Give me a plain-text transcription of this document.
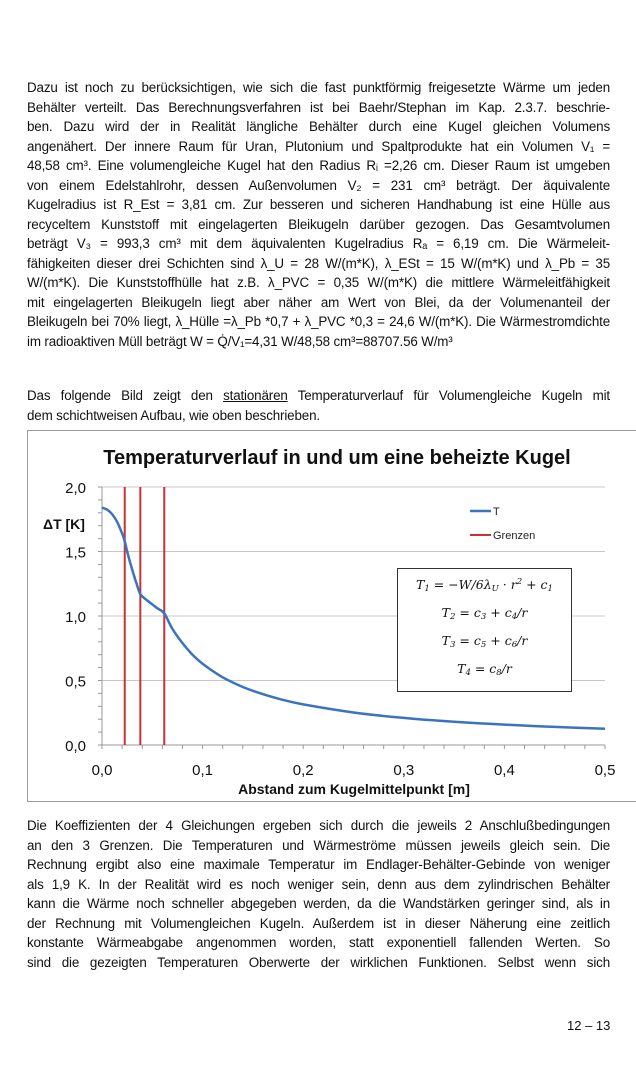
Dazu ist noch zu berücksichtigen, wie sich die fast punktförmig freigesetzte Wärme um jeden
Behälter verteilt. Das Berechnungsverfahren ist bei Baehr/Stephan im Kap. 2.3.7. beschrie-
ben. Dazu wird der in Realität längliche Behälter durch eine Kugel gleichen Volumens
angenähert. Der innere Raum für Uran, Plutonium und Spaltprodukte hat ein Volumen V₁ =
48,58 cm³. Eine volumengleiche Kugel hat den Radius Rᵢ =2,26 cm. Dieser Raum ist umgeben
von einem Edelstahlrohr, dessen Außenvolumen V₂ = 231 cm³ beträgt. Der äquivalente
Kugelradius ist R_Est = 3,81 cm. Zur besseren und sicheren Handhabung ist eine Hülle aus
recyceltem Kunststoff mit eingelagerten Bleikugeln darüber gezogen. Das Gesamtvolumen
beträgt V₃ = 993,3 cm³ mit dem äquivalenten Kugelradius Rₐ = 6,19 cm. Die Wärmeleit-
fähigkeiten dieser drei Schichten sind λ_U = 28 W/(m*K), λ_ESt = 15 W/(m*K) und λ_Pb = 35
W/(m*K). Die Kunststoffhülle hat z.B. λ_PVC = 0,35 W/(m*K) die mittlere Wärmeleitfähigkeit
mit eingelagerten Bleikugeln liegt aber näher am Wert von Blei, da der Volumenanteil der
Bleikugeln bei 70% liegt, λ_Hülle =λ_Pb *0,7 + λ_PVC *0,3 = 24,6 W/(m*K). Die Wärmestromdichte
im radioaktiven Müll beträgt W = Q̇/V₁=4,31 W/48,58 cm³=88707.56 W/m³
Das folgende Bild zeigt den stationären Temperaturverlauf für Volumengleiche Kugeln mit
dem schichtweisen Aufbau, wie oben beschrieben.
Temperaturverlauf in und um eine beheizte Kugel
ΔT [K]
Abstand zum Kugelmittelpunkt [m]
0,0
0,5
1,0
1,5
2,0
0,0	0,1	0,2	0,3	0,4	0,5
T
Grenzen
$T_1 = -W/6\lambda_U \cdot r^2 + c_1$
$T_2 = c_3 + c_4/r$
$T_3 = c_5 + c_6/r$
$T_4 = c_8/r$
Die Koeffizienten der 4 Gleichungen ergeben sich durch die jeweils 2 Anschlußbedingungen
an den 3 Grenzen. Die Temperaturen und Wärmeströme müssen jeweils gleich sein. Die
Rechnung ergibt also eine maximale Temperatur im Endlager-Behälter-Gebinde von weniger
als 1,9 K. In der Realität wird es noch weniger sein, denn aus dem zylindrischen Behälter
kann die Wärme noch schneller abgegeben werden, da die Wandstärken geringer sind, als in
der Rechnung mit Volumengleichen Kugeln. Außerdem ist in dieser Näherung eine zeitlich
konstante Wärmeabgabe angenommen worden, statt exponentiell fallenden Werten. So
sind die gezeigten Temperaturen Oberwerte der wirklichen Funktionen. Selbst wenn sich
12 – 13
